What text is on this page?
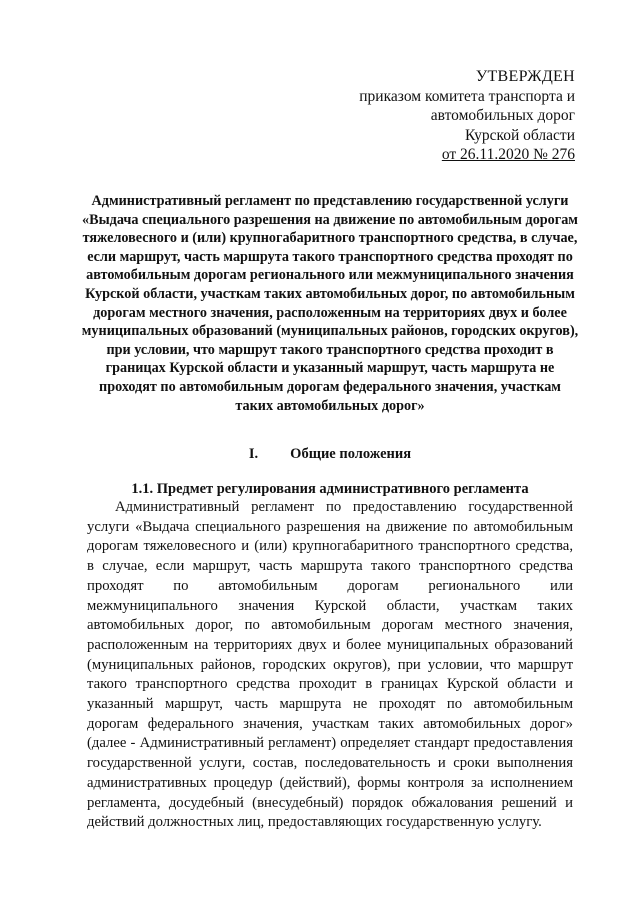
УТВЕРЖДЕН
приказом комитета транспорта и
автомобильных дорог
Курской области
от 26.11.2020 № 276
Административный регламент по представлению государственной услуги «Выдача специального разрешения на движение по автомобильным дорогам тяжеловесного и (или) крупногабаритного транспортного средства, в случае, если маршрут, часть маршрута такого транспортного средства проходят по автомобильным дорогам регионального или межмуниципального значения Курской области, участкам таких автомобильных дорог, по автомобильным дорогам местного значения, расположенным на территориях двух и более муниципальных образований (муниципальных районов, городских округов), при условии, что маршрут такого транспортного средства проходит в границах Курской области и указанный маршрут, часть маршрута не проходят по автомобильным дорогам федерального значения, участкам таких автомобильных дорог»
I. Общие положения
1.1. Предмет регулирования административного регламента
Административный регламент по предоставлению государственной услуги «Выдача специального разрешения на движение по автомобильным дорогам тяжеловесного и (или) крупногабаритного транспортного средства, в случае, если маршрут, часть маршрута такого транспортного средства проходят по автомобильным дорогам регионального или межмуниципального значения Курской области, участкам таких автомобильных дорог, по автомобильным дорогам местного значения, расположенным на территориях двух и более муниципальных образований (муниципальных районов, городских округов), при условии, что маршрут такого транспортного средства проходит в границах Курской области и указанный маршрут, часть маршрута не проходят по автомобильным дорогам федерального значения, участкам таких автомобильных дорог» (далее - Административный регламент) определяет стандарт предоставления государственной услуги, состав, последовательность и сроки выполнения административных процедур (действий), формы контроля за исполнением регламента, досудебный (внесудебный) порядок обжалования решений и действий должностных лиц, предоставляющих государственную услугу.
